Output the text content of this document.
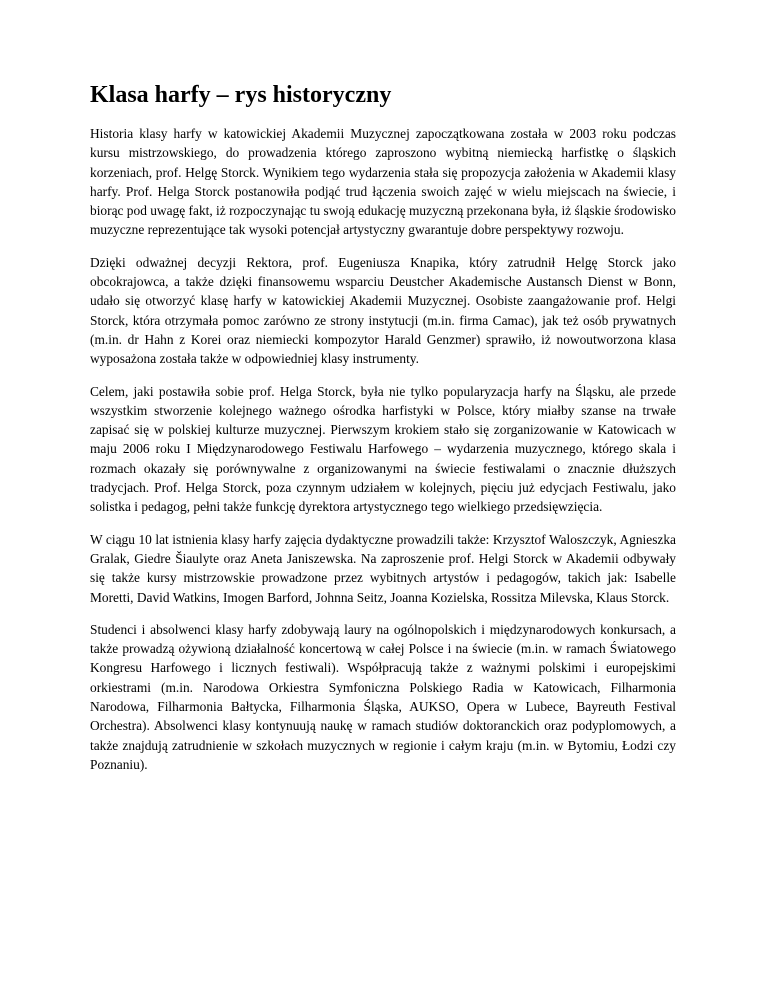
Klasa harfy – rys historyczny

Historia klasy harfy w katowickiej Akademii Muzycznej zapoczątkowana została w 2003 roku podczas kursu mistrzowskiego, do prowadzenia którego zaproszono wybitną niemiecką harfistkę o śląskich korzeniach, prof. Helgę Storck. Wynikiem tego wydarzenia stała się propozycja założenia w Akademii klasy harfy. Prof. Helga Storck postanowiła podjąć trud łączenia swoich zajęć w wielu miejscach na świecie, i biorąc pod uwagę fakt, iż rozpoczynając tu swoją edukację muzyczną przekonana była, iż śląskie środowisko muzyczne reprezentujące tak wysoki potencjał artystyczny gwarantuje dobre perspektywy rozwoju.

Dzięki odważnej decyzji Rektora, prof. Eugeniusza Knapika, który zatrudnił Helgę Storck jako obcokrajowca, a także dzięki finansowemu wsparciu Deustcher Akademische Austansch Dienst w Bonn, udało się otworzyć klasę harfy w katowickiej Akademii Muzycznej. Osobiste zaangażowanie prof. Helgi Storck, która otrzymała pomoc zarówno ze strony instytucji (m.in. firma Camac), jak też osób prywatnych (m.in. dr Hahn z Korei oraz niemiecki kompozytor Harald Genzmer) sprawiło, iż nowoutworzona klasa wyposażona została także w odpowiedniej klasy instrumenty.

Celem, jaki postawiła sobie prof. Helga Storck, była nie tylko popularyzacja harfy na Śląsku, ale przede wszystkim stworzenie kolejnego ważnego ośrodka harfistyki w Polsce, który miałby szanse na trwałe zapisać się w polskiej kulturze muzycznej. Pierwszym krokiem stało się zorganizowanie w Katowicach w maju 2006 roku I Międzynarodowego Festiwalu Harfowego – wydarzenia muzycznego, którego skala i rozmach okazały się porównywalne z organizowanymi na świecie festiwalami o znacznie dłuższych tradycjach. Prof. Helga Storck, poza czynnym udziałem w kolejnych, pięciu już edycjach Festiwalu, jako solistka i pedagog, pełni także funkcję dyrektora artystycznego tego wielkiego przedsięwzięcia.

W ciągu 10 lat istnienia klasy harfy zajęcia dydaktyczne prowadzili także: Krzysztof Waloszczyk, Agnieszka Gralak, Giedre Šiaulyte oraz Aneta Janiszewska. Na zaproszenie prof. Helgi Storck w Akademii odbywały się także kursy mistrzowskie prowadzone przez wybitnych artystów i pedagogów, takich jak: Isabelle Moretti, David Watkins, Imogen Barford, Johnna Seitz, Joanna Kozielska, Rossitza Milevska, Klaus Storck.

Studenci i absolwenci klasy harfy zdobywają laury na ogólnopolskich i międzynarodowych konkursach, a także prowadzą ożywioną działalność koncertową w całej Polsce i na świecie (m.in. w ramach Światowego Kongresu Harfowego i licznych festiwali). Współpracują także z ważnymi polskimi i europejskimi orkiestrami (m.in. Narodowa Orkiestra Symfoniczna Polskiego Radia w Katowicach, Filharmonia Narodowa, Filharmonia Bałtycka, Filharmonia Śląska, AUKSO, Opera w Lubece, Bayreuth Festival Orchestra). Absolwenci klasy kontynuują naukę w ramach studiów doktoranckich oraz podyplomowych, a także znajdują zatrudnienie w szkołach muzycznych w regionie i całym kraju (m.in. w Bytomiu, Łodzi czy Poznaniu).
